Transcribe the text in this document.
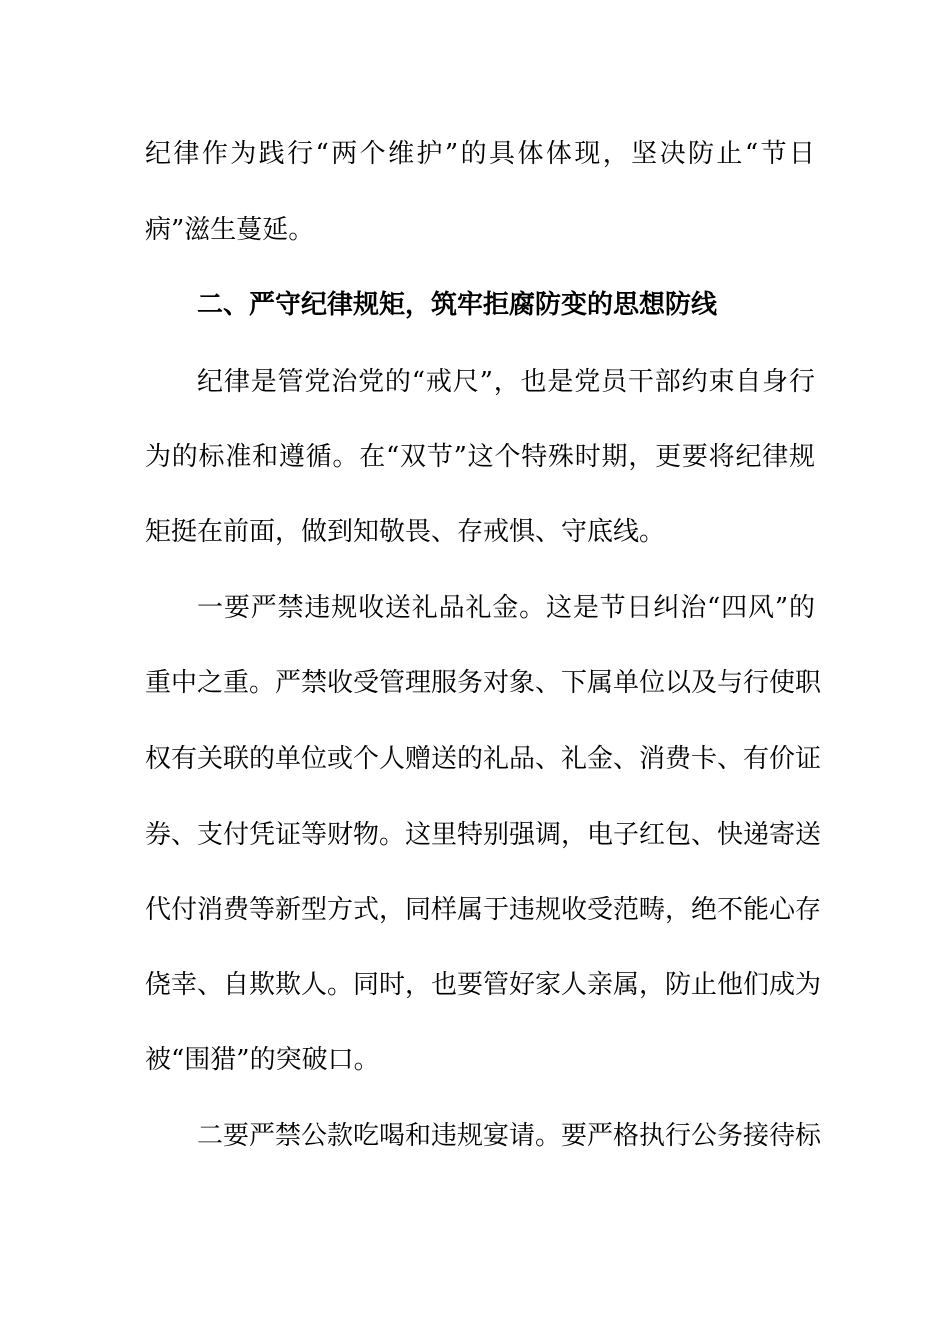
纪律作为践行“两个维护”的具体体现，坚决防止“节日
病”滋生蔓延。
二、严守纪律规矩，筑牢拒腐防变的思想防线
纪律是管党治党的“戒尺”，也是党员干部约束自身行
为的标准和遵循。在“双节”这个特殊时期，更要将纪律规
矩挺在前面，做到知敬畏、存戒惧、守底线。
一要严禁违规收送礼品礼金。这是节日纠治“四风”的
重中之重。严禁收受管理服务对象、下属单位以及与行使职
权有关联的单位或个人赠送的礼品、礼金、消费卡、有价证
券、支付凭证等财物。这里特别强调，电子红包、快递寄送
代付消费等新型方式，同样属于违规收受范畴，绝不能心存
侥幸、自欺欺人。同时，也要管好家人亲属，防止他们成为
被“围猎”的突破口。
二要严禁公款吃喝和违规宴请。要严格执行公务接待标
